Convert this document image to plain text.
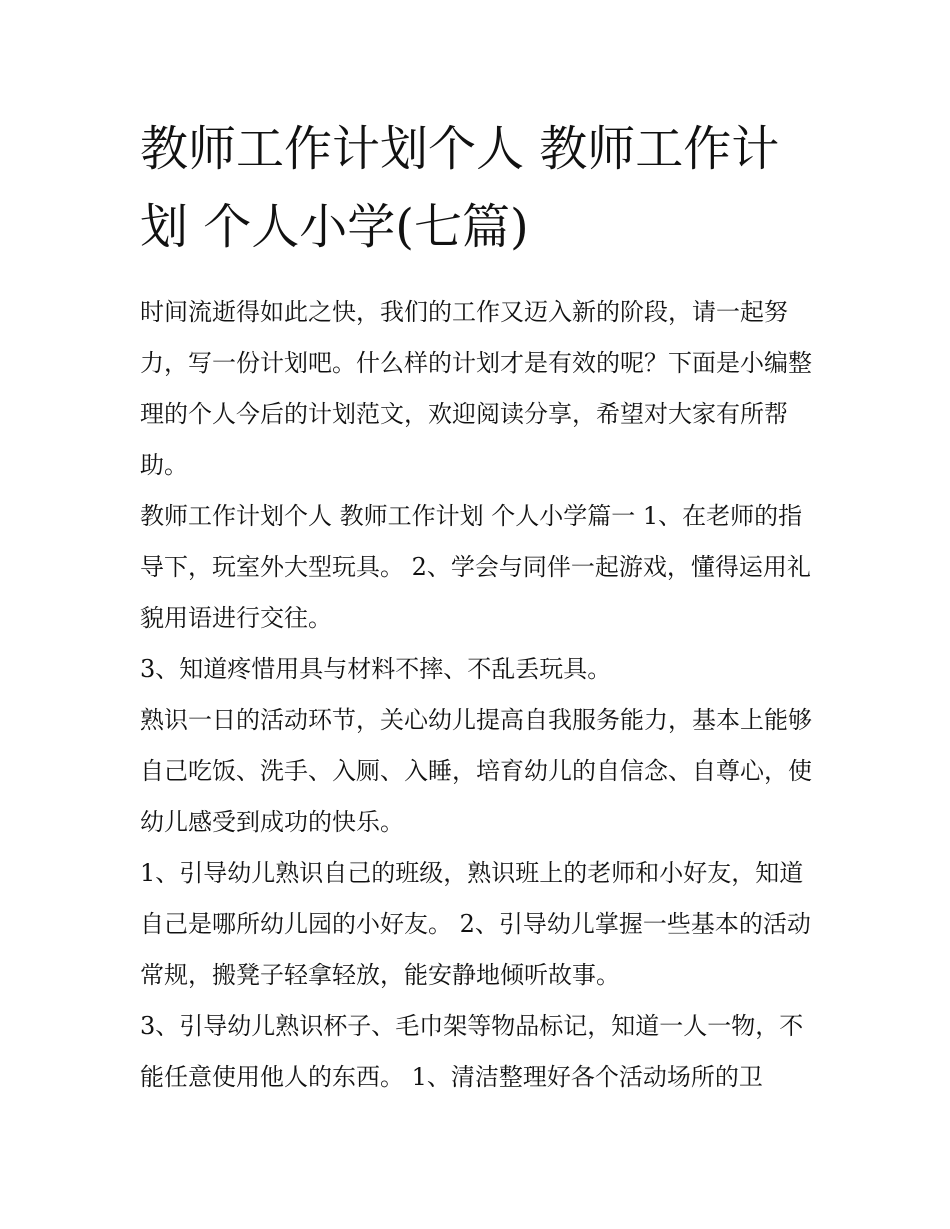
教师工作计划个人 教师工作计划 个人小学(七篇)

时间流逝得如此之快，我们的工作又迈入新的阶段，请一起努力，写一份计划吧。什么样的计划才是有效的呢？下面是小编整理的个人今后的计划范文，欢迎阅读分享，希望对大家有所帮助。

教师工作计划个人 教师工作计划 个人小学篇一 1、在老师的指导下，玩室外大型玩具。 2、学会与同伴一起游戏，懂得运用礼貌用语进行交往。

3、知道疼惜用具与材料不摔、不乱丢玩具。

熟识一日的活动环节，关心幼儿提高自我服务能力，基本上能够自己吃饭、洗手、入厕、入睡，培育幼儿的自信念、自尊心，使幼儿感受到成功的快乐。

1、引导幼儿熟识自己的班级，熟识班上的老师和小好友，知道自己是哪所幼儿园的小好友。 2、引导幼儿掌握一些基本的活动常规，搬凳子轻拿轻放，能安静地倾听故事。

3、引导幼儿熟识杯子、毛巾架等物品标记，知道一人一物，不能任意使用他人的东西。 1、清洁整理好各个活动场所的卫
